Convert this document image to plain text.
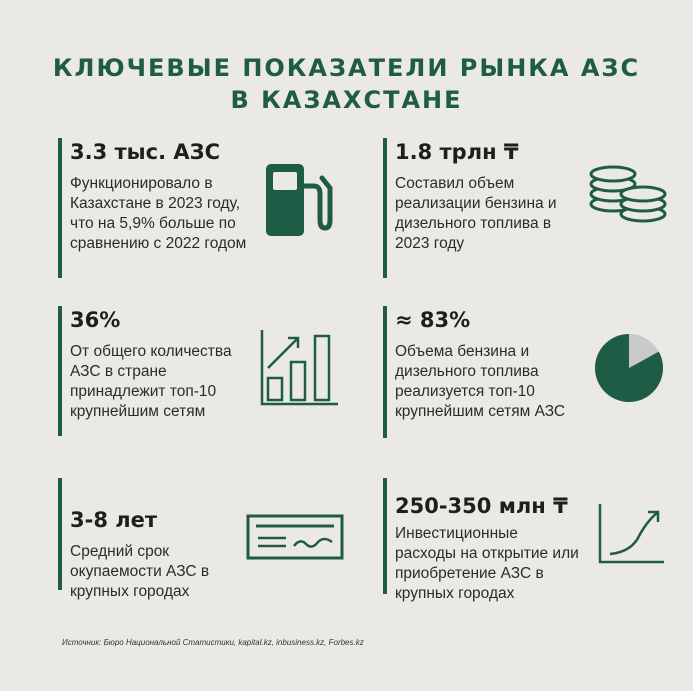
КЛЮЧЕВЫЕ ПОКАЗАТЕЛИ РЫНКА АЗС
В КАЗАХСТАНЕ
3.3 тыс. АЗС
Функционировало в
Казахстане в 2023 году,
что на 5,9% больше по
сравнению с 2022 годом
1.8 трлн ₸
Составил объем
реализации бензина и
дизельного топлива в
2023 году
36%
От общего количества
АЗС в стране
принадлежит топ-10
крупнейшим сетям
≈ 83%
Объема бензина и
дизельного топлива
реализуется топ-10
крупнейшим сетям АЗС
3-8 лет
Средний срок
окупаемости АЗС в
крупных городах
250-350 млн ₸
Инвестиционные
расходы на открытие или
приобретение АЗС в
крупных городах
Источник: Бюро Национальной Статистики, kapital.kz, inbusiness.kz, Forbes.kz
